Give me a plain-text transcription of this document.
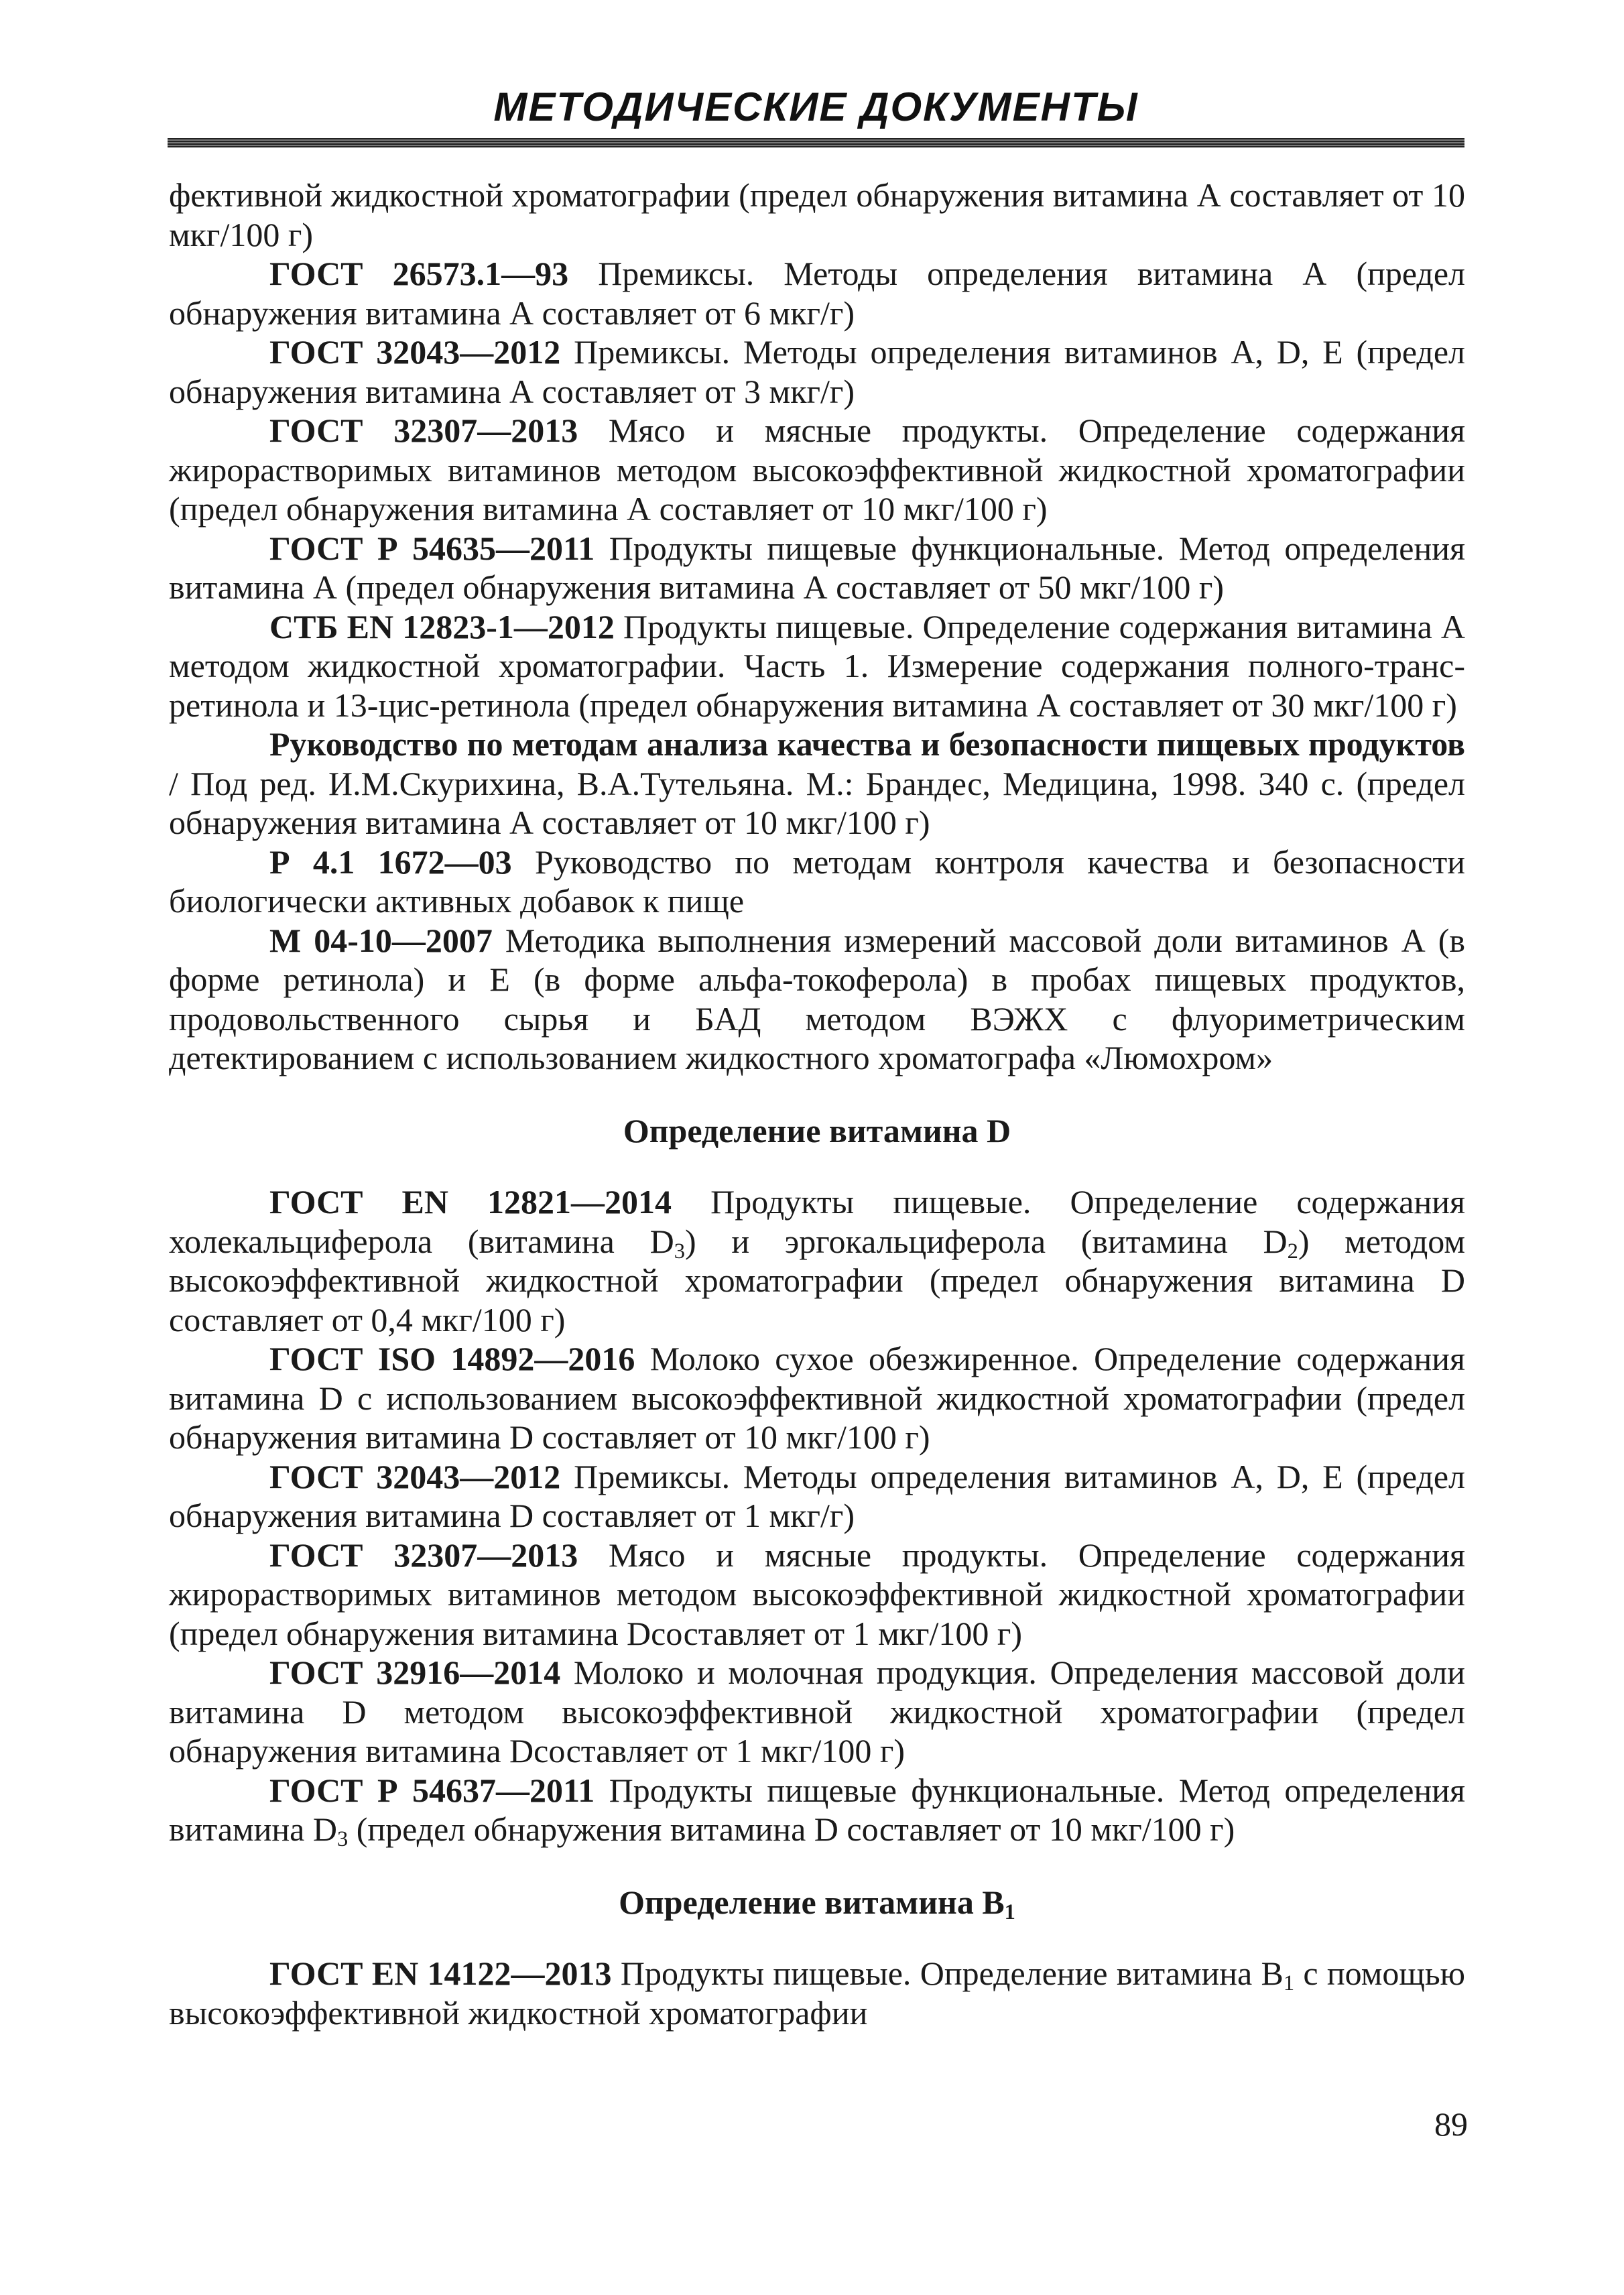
МЕТОДИЧЕСКИЕ ДОКУМЕНТЫ

фективной жидкостной хроматографии (предел обнаружения витамина А составляет от 10 мкг/100 г)

ГОСТ 26573.1—93 Премиксы. Методы определения витамина А (предел обнаружения витамина А составляет от 6 мкг/г)

ГОСТ 32043—2012 Премиксы. Методы определения витаминов А, D, Е (предел обнаружения витамина А составляет от 3 мкг/г)

ГОСТ 32307—2013 Мясо и мясные продукты. Определение содержания жирорастворимых витаминов методом высокоэффективной жидкостной хроматографии (предел обнаружения витамина А составляет от 10 мкг/100 г)

ГОСТ Р 54635—2011 Продукты пищевые функциональные. Метод определения витамина А (предел обнаружения витамина А составляет от 50 мкг/100 г)

СТБ EN 12823-1—2012 Продукты пищевые. Определение содержания витамина А методом жидкостной хроматографии. Часть 1. Измерение содержания полного-транс-ретинола и 13-цис-ретинола (предел обнаружения витамина А составляет от 30 мкг/100 г)

Руководство по методам анализа качества и безопасности пищевых продуктов / Под ред. И.М.Скурихина, В.А.Тутельяна. М.: Брандес, Медицина, 1998. 340 с. (предел обнаружения витамина А составляет от 10 мкг/100 г)

Р 4.1 1672—03 Руководство по методам контроля качества и безопасности биологически активных добавок к пище

М 04-10—2007 Методика выполнения измерений массовой доли витаминов А (в форме ретинола) и Е (в форме альфа-токоферола) в пробах пищевых продуктов, продовольственного сырья и БАД методом ВЭЖХ с флуориметрическим детектированием с использованием жидкостного хроматографа «Люмохром»

Определение витамина D

ГОСТ EN 12821—2014 Продукты пищевые. Определение содержания холекальциферола (витамина $D_3$) и эргокальциферола (витамина $D_2$) методом высокоэффективной жидкостной хроматографии (предел обнаружения витамина D составляет от 0,4 мкг/100 г)

ГОСТ ISO 14892—2016 Молоко сухое обезжиренное. Определение содержания витамина D с использованием высокоэффективной жидкостной хроматографии (предел обнаружения витамина D составляет от 10 мкг/100 г)

ГОСТ 32043—2012 Премиксы. Методы определения витаминов А, D, Е (предел обнаружения витамина D составляет от 1 мкг/г)

ГОСТ 32307—2013 Мясо и мясные продукты. Определение содержания жирорастворимых витаминов методом высокоэффективной жидкостной хроматографии (предел обнаружения витамина Dсоставляет от 1 мкг/100 г)

ГОСТ 32916—2014 Молоко и молочная продукция. Определения массовой доли витамина D методом высокоэффективной жидкостной хроматографии (предел обнаружения витамина Dсоставляет от 1 мкг/100 г)

ГОСТ Р 54637—2011 Продукты пищевые функциональные. Метод определения витамина $D_3$ (предел обнаружения витамина D составляет от 10 мкг/100 г)

Определение витамина $B_1$

ГОСТ EN 14122—2013 Продукты пищевые. Определение витамина $B_1$ с помощью высокоэффективной жидкостной хроматографии

89
